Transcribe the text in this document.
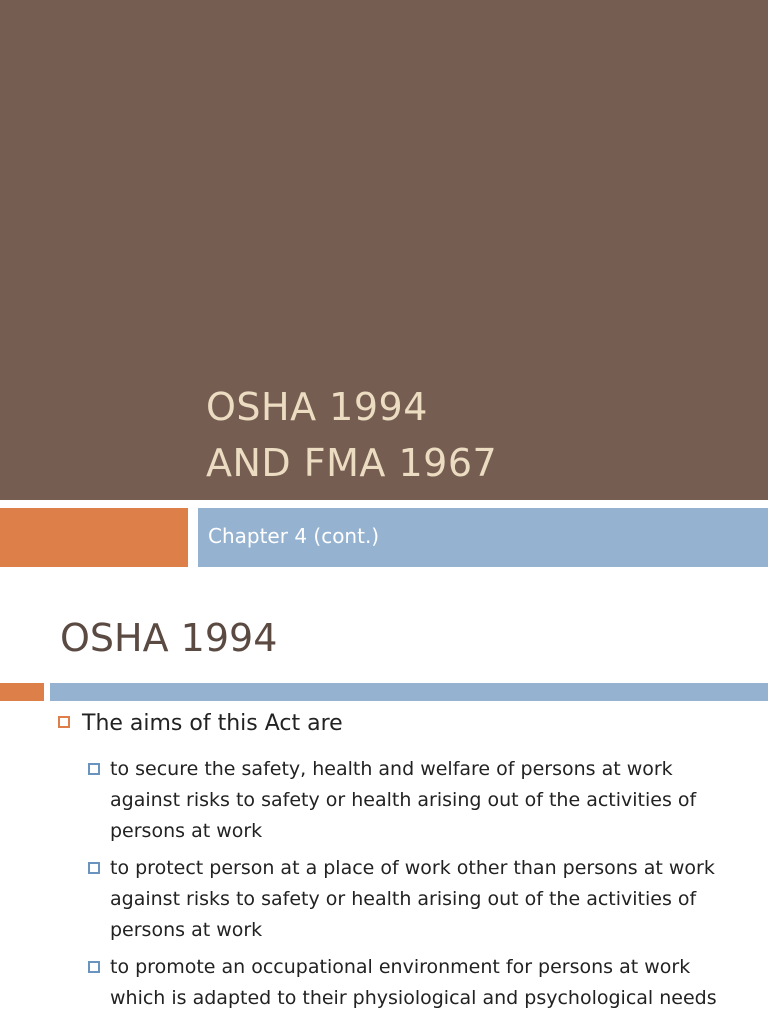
OSHA 1994
AND FMA 1967
Chapter 4 (cont.)
OSHA 1994
The aims of this Act are
to secure the safety, health and welfare of persons at work against risks to safety or health arising out of the activities of persons at work
to protect person at a place of work other than persons at work against risks to safety or health arising out of the activities of persons at work
to promote an occupational environment for persons at work which is adapted to their physiological and psychological needs
